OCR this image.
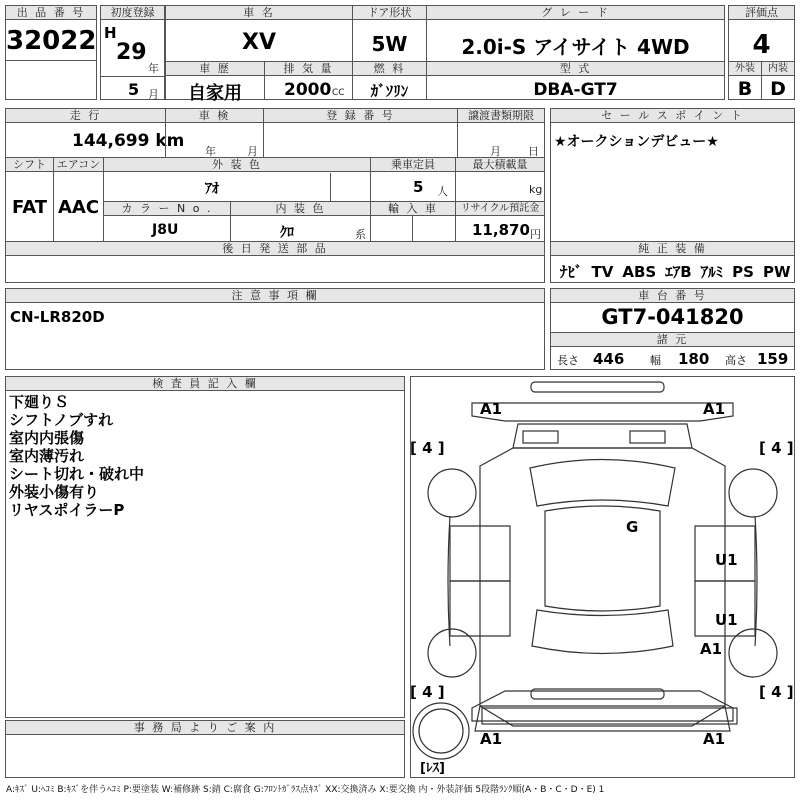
出 品 番 号
32022
初度登録
H
29
年
5 月
車 名
XV
ドア形状
5W
グ レ ー ド
2.0i-S アイサイト 4WD
車 歴
自家用
排 気 量
2000 CC
燃 料
ｶﾞｿﾘﾝ
型 式
DBA-GT7
評価点
4
外装	内装
B D
走 行
144,699 km
車 検
年	月
登 録 番 号	譲渡書類期限
月 日
シフト
FAT
エアコン
AAC
外 装 色
ｱｵ
乗車定員
5 人
最大積載量
kg
カ ラ ー N o .
J8U
内 装 色
ｸﾛ	系
輸 入 車	リサイクル預託金
11,870 円
後 日 発 送 部 品
セ ー ル ス ポ イ ン ト
★オークションデビュー★
純 正 装 備
ﾅﾋﾞ TV ABS ｴｱB ｱﾙﾐ PS PW
注 意 事 項 欄
CN-LR820D
車 台 番 号
GT7-041820
諸 元
長さ 446 幅 180 高さ 159
検 査 員 記 入 欄
下廻りＳ
シフトノブすれ
室内内張傷
室内薄汚れ
シート切れ・破れ中
外装小傷有り
リヤスポイラーP
事 務 局 よ り ご 案 内
A1	A1
G
U1
U1
A1
A1	A1
[ 4 ]	[ 4 ]
[ 4 ]	[ 4 ]
[ﾚｽ]
A:ｷｽﾞ U:ﾍｺﾐ B:ｷｽﾞを伴うﾍｺﾐ P:要塗装 W:補修跡 S:錆 C:腐食 G:ﾌﾛﾝﾄｶﾞﾗｽ点ｷｽﾞ XX:交換済み X:要交換 内・外装評価 5段階ﾗﾝｸ順(A・B・C・D・E) 1
